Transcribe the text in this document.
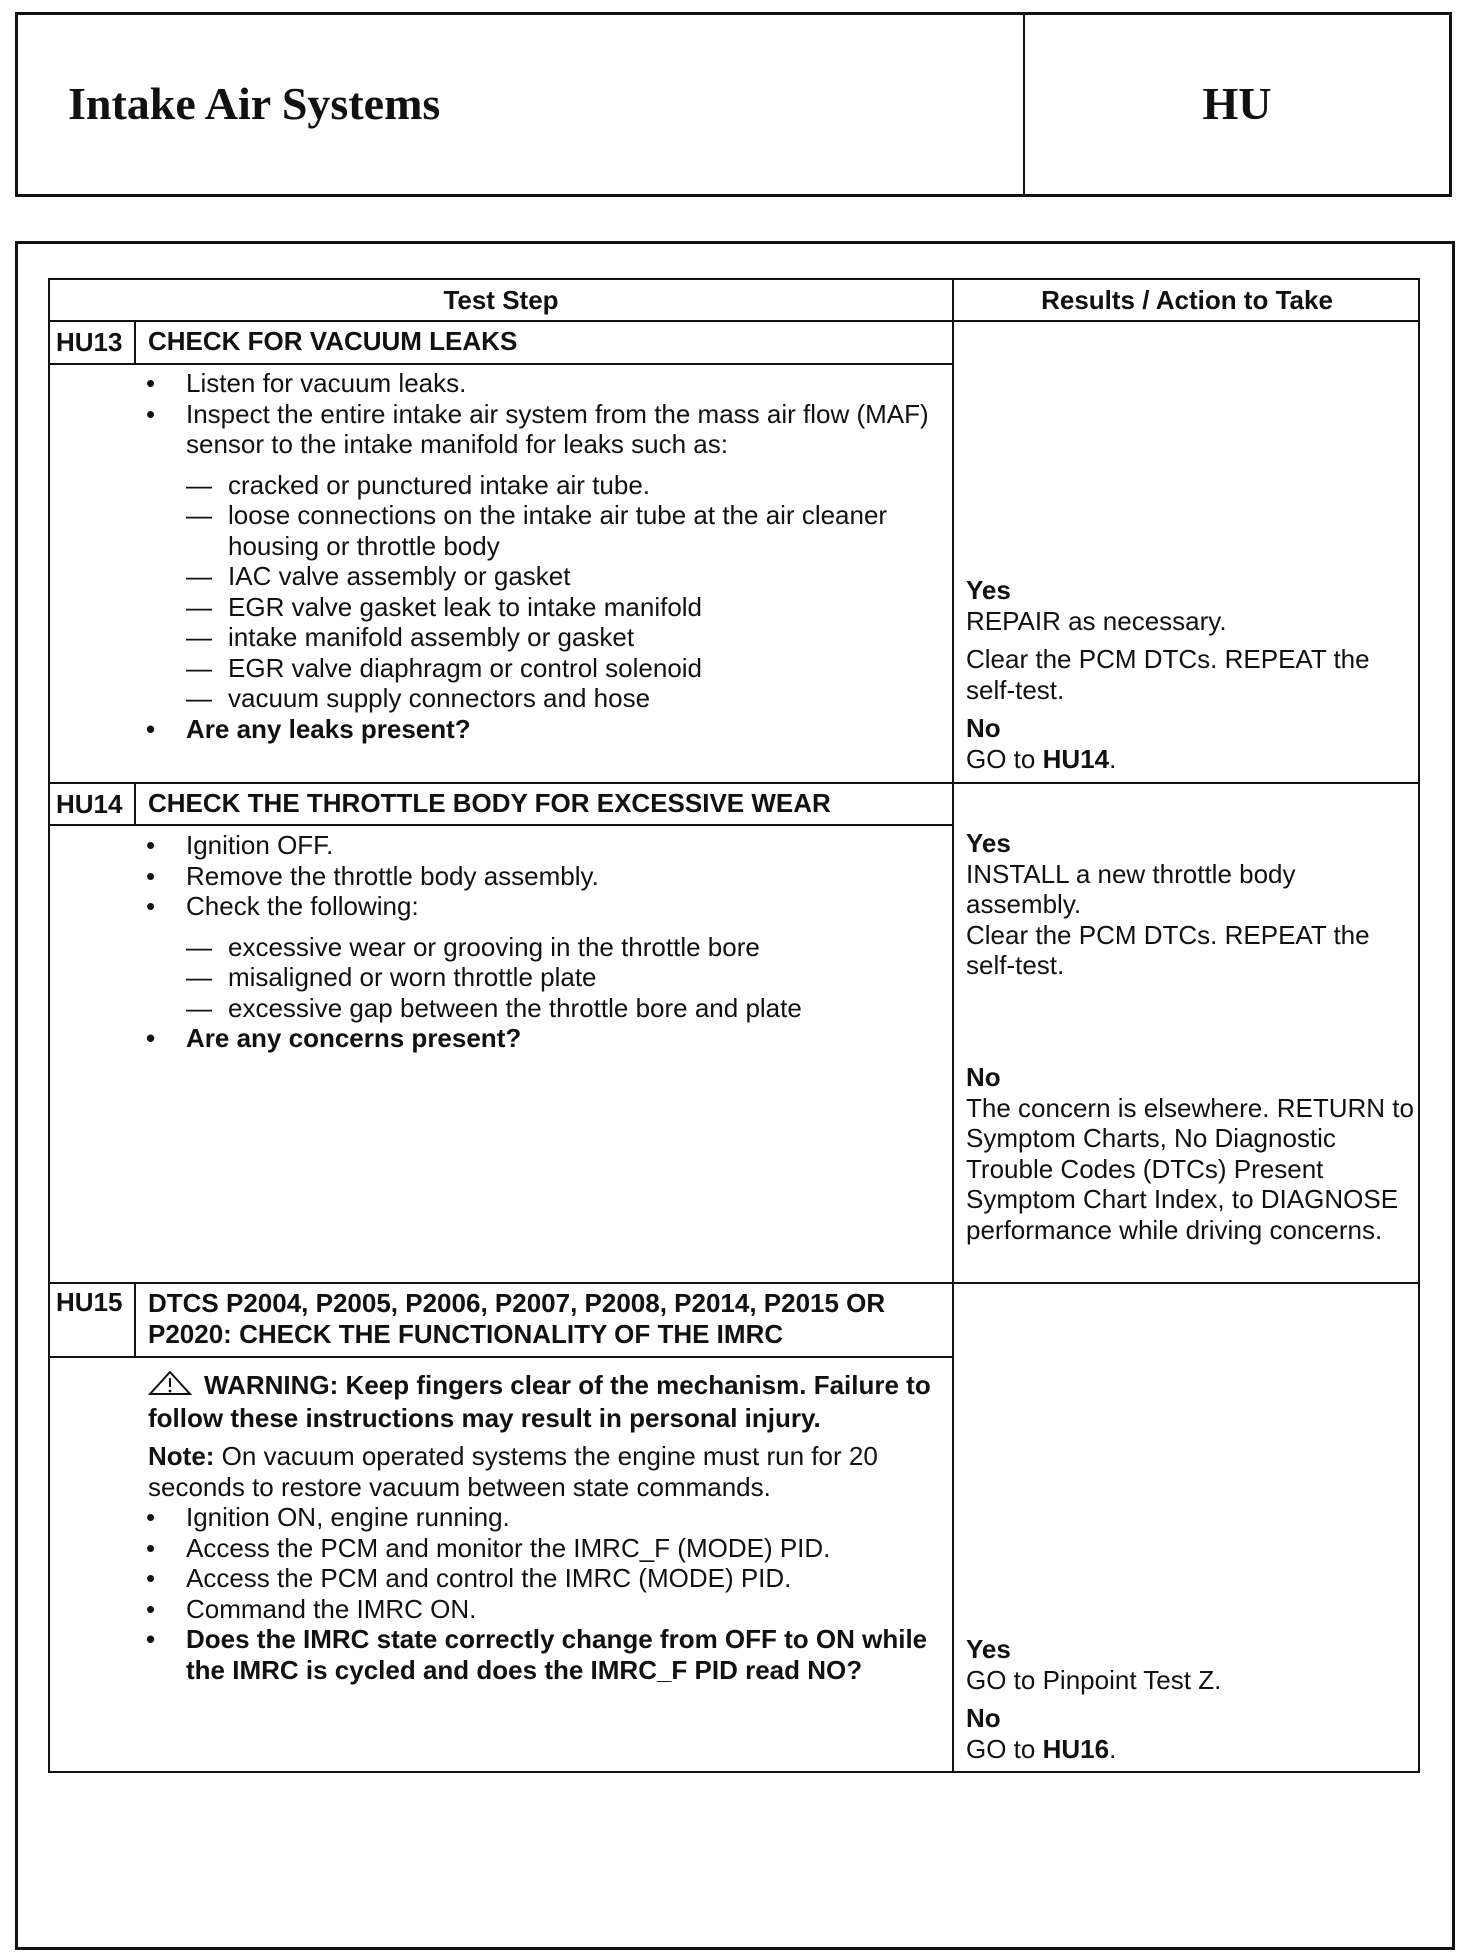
Intake Air Systems	HU
Test Step	Results / Action to Take
HU13 CHECK FOR VACUUM LEAKS
• Listen for vacuum leaks.
• Inspect the entire intake air system from the mass air flow (MAF) sensor to the intake manifold for leaks such as:
— cracked or punctured intake air tube.
— loose connections on the intake air tube at the air cleaner housing or throttle body
— IAC valve assembly or gasket
— EGR valve gasket leak to intake manifold
— intake manifold assembly or gasket
— EGR valve diaphragm or control solenoid
— vacuum supply connectors and hose
• Are any leaks present?

Yes

REPAIR as necessary.

Clear the PCM DTCs. REPEAT the self-test.

No

GO to HU14.

HU14 CHECK THE THROTTLE BODY FOR EXCESSIVE WEAR
• Ignition OFF.
• Remove the throttle body assembly.
• Check the following:
— excessive wear or grooving in the throttle bore
— misaligned or worn throttle plate
— excessive gap between the throttle bore and plate
• Are any concerns present?

Yes

INSTALL a new throttle body assembly.

Clear the PCM DTCs. REPEAT the self-test.

No

The concern is elsewhere. RETURN to Symptom Charts, No Diagnostic Trouble Codes (DTCs) Present Symptom Chart Index, to DIAGNOSE performance while driving concerns.

HU15 DTCS P2004, P2005, P2006, P2007, P2008, P2014, P2015 OR P2020: CHECK THE FUNCTIONALITY OF THE IMRC
WARNING: Keep fingers clear of the mechanism. Failure to follow these instructions may result in personal injury.
Note: On vacuum operated systems the engine must run for 20 seconds to restore vacuum between state commands.
• Ignition ON, engine running.
• Access the PCM and monitor the IMRC_F (MODE) PID.
• Access the PCM and control the IMRC (MODE) PID.
• Command the IMRC ON.
• Does the IMRC state correctly change from OFF to ON while the IMRC is cycled and does the IMRC_F PID read NO?

Yes

GO to Pinpoint Test Z.

No

GO to HU16.
